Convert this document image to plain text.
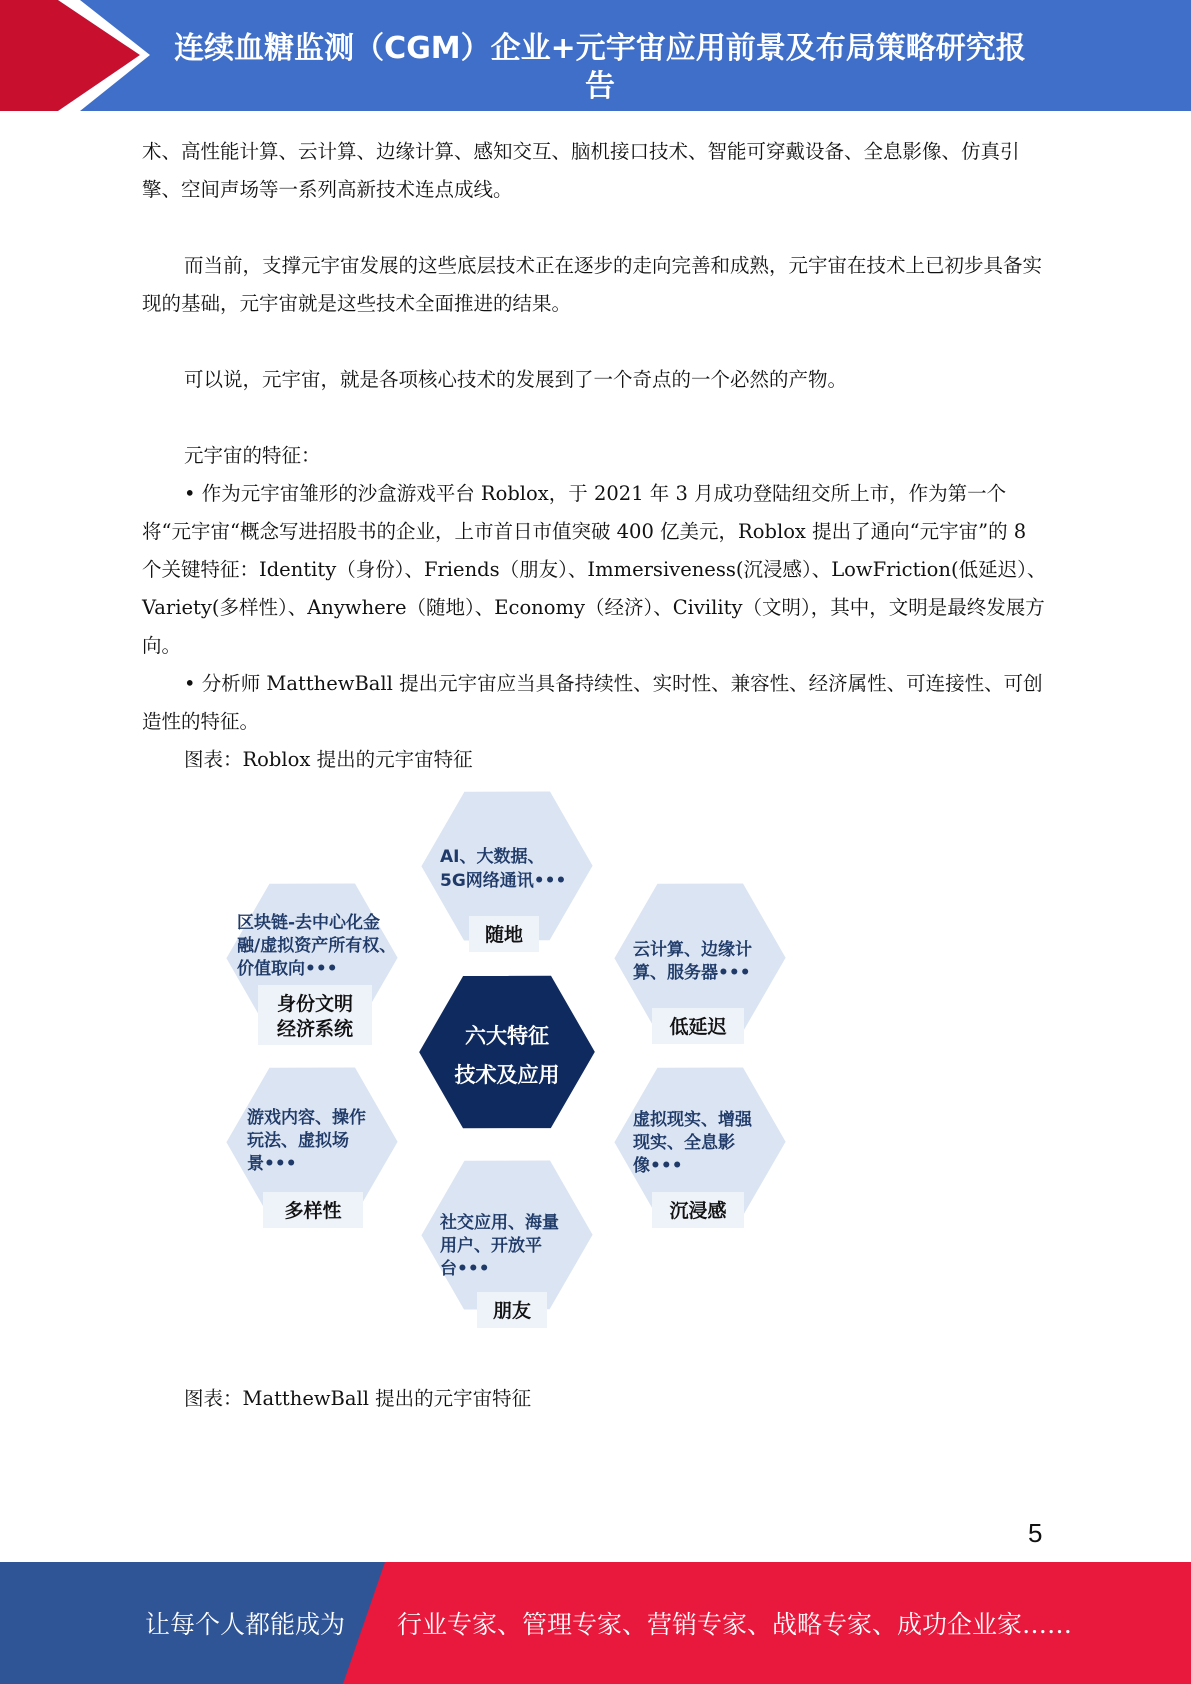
连续血糖监测（CGM）企业+元宇宙应用前景及布局策略研究报告

术、高性能计算、云计算、边缘计算、感知交互、脑机接口技术、智能可穿戴设备、全息影像、仿真引擎、空间声场等一系列高新技术连点成线。

而当前，支撑元宇宙发展的这些底层技术正在逐步的走向完善和成熟，元宇宙在技术上已初步具备实现的基础，元宇宙就是这些技术全面推进的结果。

可以说，元宇宙，就是各项核心技术的发展到了一个奇点的一个必然的产物。

元宇宙的特征：

• 作为元宇宙雏形的沙盒游戏平台 Roblox，于 2021 年 3 月成功登陆纽交所上市，作为第一个将“元宇宙“概念写进招股书的企业，上市首日市值突破 400 亿美元，Roblox 提出了通向“元宇宙”的 8 个关键特征：Identity（身份）、Friends（朋友）、Immersiveness(沉浸感）、LowFriction(低延迟）、Variety(多样性）、Anywhere（随地）、Economy（经济）、Civility（文明），其中，文明是最终发展方向。

• 分析师 MatthewBall 提出元宇宙应当具备持续性、实时性、兼容性、经济属性、可连接性、可创造性的特征。

图表：Roblox 提出的元宇宙特征

AI、大数据、
5G网络通讯•••
随地
区块链-去中心化金
融/虚拟资产所有权、
价值取向•••
身份文明
经济系统
云计算、边缘计
算、服务器•••
低延迟
六大特征
技术及应用
游戏内容、操作
玩法、虚拟场
景•••
多样性
虚拟现实、增强
现实、全息影
像•••
沉浸感
社交应用、海量
用户、开放平
台•••
朋友

图表：MatthewBall 提出的元宇宙特征

5
让每个人都能成为 行业专家、管理专家、营销专家、战略专家、成功企业家……
